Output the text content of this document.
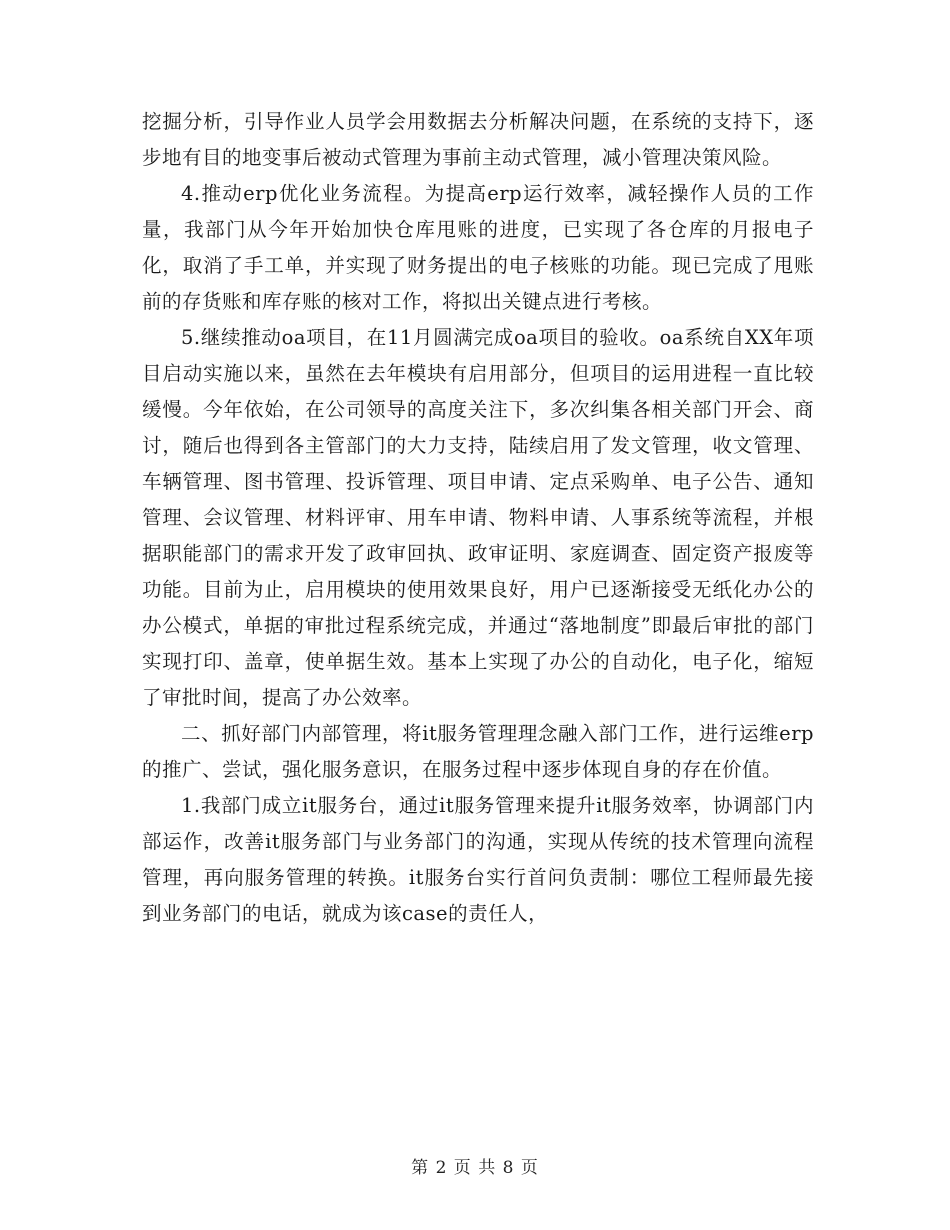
挖掘分析，引导作业人员学会用数据去分析解决问题，在系统的支持下，逐步地有目的地变事后被动式管理为事前主动式管理，减小管理决策风险。

4.推动erp优化业务流程。为提高erp运行效率，减轻操作人员的工作量，我部门从今年开始加快仓库甩账的进度，已实现了各仓库的月报电子化，取消了手工单，并实现了财务提出的电子核账的功能。现已完成了甩账前的存货账和库存账的核对工作，将拟出关键点进行考核。

5.继续推动oa项目，在11月圆满完成oa项目的验收。oa系统自XX年项目启动实施以来，虽然在去年模块有启用部分，但项目的运用进程一直比较缓慢。今年依始，在公司领导的高度关注下，多次纠集各相关部门开会、商讨，随后也得到各主管部门的大力支持，陆续启用了发文管理，收文管理、车辆管理、图书管理、投诉管理、项目申请、定点采购单、电子公告、通知管理、会议管理、材料评审、用车申请、物料申请、人事系统等流程，并根据职能部门的需求开发了政审回执、政审证明、家庭调查、固定资产报废等功能。目前为止，启用模块的使用效果良好，用户已逐渐接受无纸化办公的办公模式，单据的审批过程系统完成，并通过“落地制度”即最后审批的部门实现打印、盖章，使单据生效。基本上实现了办公的自动化，电子化，缩短了审批时间，提高了办公效率。

二、抓好部门内部管理，将it服务管理理念融入部门工作，进行运维erp的推广、尝试，强化服务意识，在服务过程中逐步体现自身的存在价值。

1.我部门成立it服务台，通过it服务管理来提升it服务效率，协调部门内部运作，改善it服务部门与业务部门的沟通，实现从传统的技术管理向流程管理，再向服务管理的转换。it服务台实行首问负责制：哪位工程师最先接到业务部门的电话，就成为该case的责任人，

第 2 页 共 8 页
